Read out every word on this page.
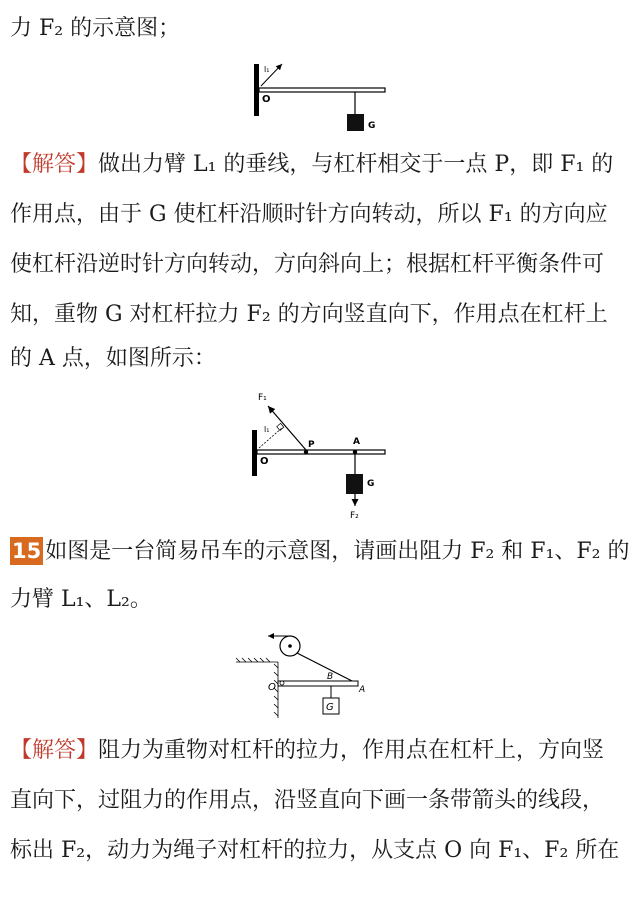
力 F₂ 的示意图；
O
G
l₁
【解答】做出力臂 L₁ 的垂线，与杠杆相交于一点 P，即 F₁ 的
作用点，由于 G 使杠杆沿顺时针方向转动，所以 F₁ 的方向应
使杠杆沿逆时针方向转动，方向斜向上；根据杠杆平衡条件可
知，重物 G 对杠杆拉力 F₂ 的方向竖直向下，作用点在杠杆上
的 A 点，如图所示：
F₁
l₁
P	A
O
G
F₂
15 如图是一台简易吊车的示意图，请画出阻力 F₂ 和 F₁、F₂ 的
力臂 L₁、L₂。
O
B
A
G
【解答】阻力为重物对杠杆的拉力，作用点在杠杆上，方向竖
直向下，过阻力的作用点，沿竖直向下画一条带箭头的线段，
标出 F₂，动力为绳子对杠杆的拉力，从支点 O 向 F₁、F₂ 所在
